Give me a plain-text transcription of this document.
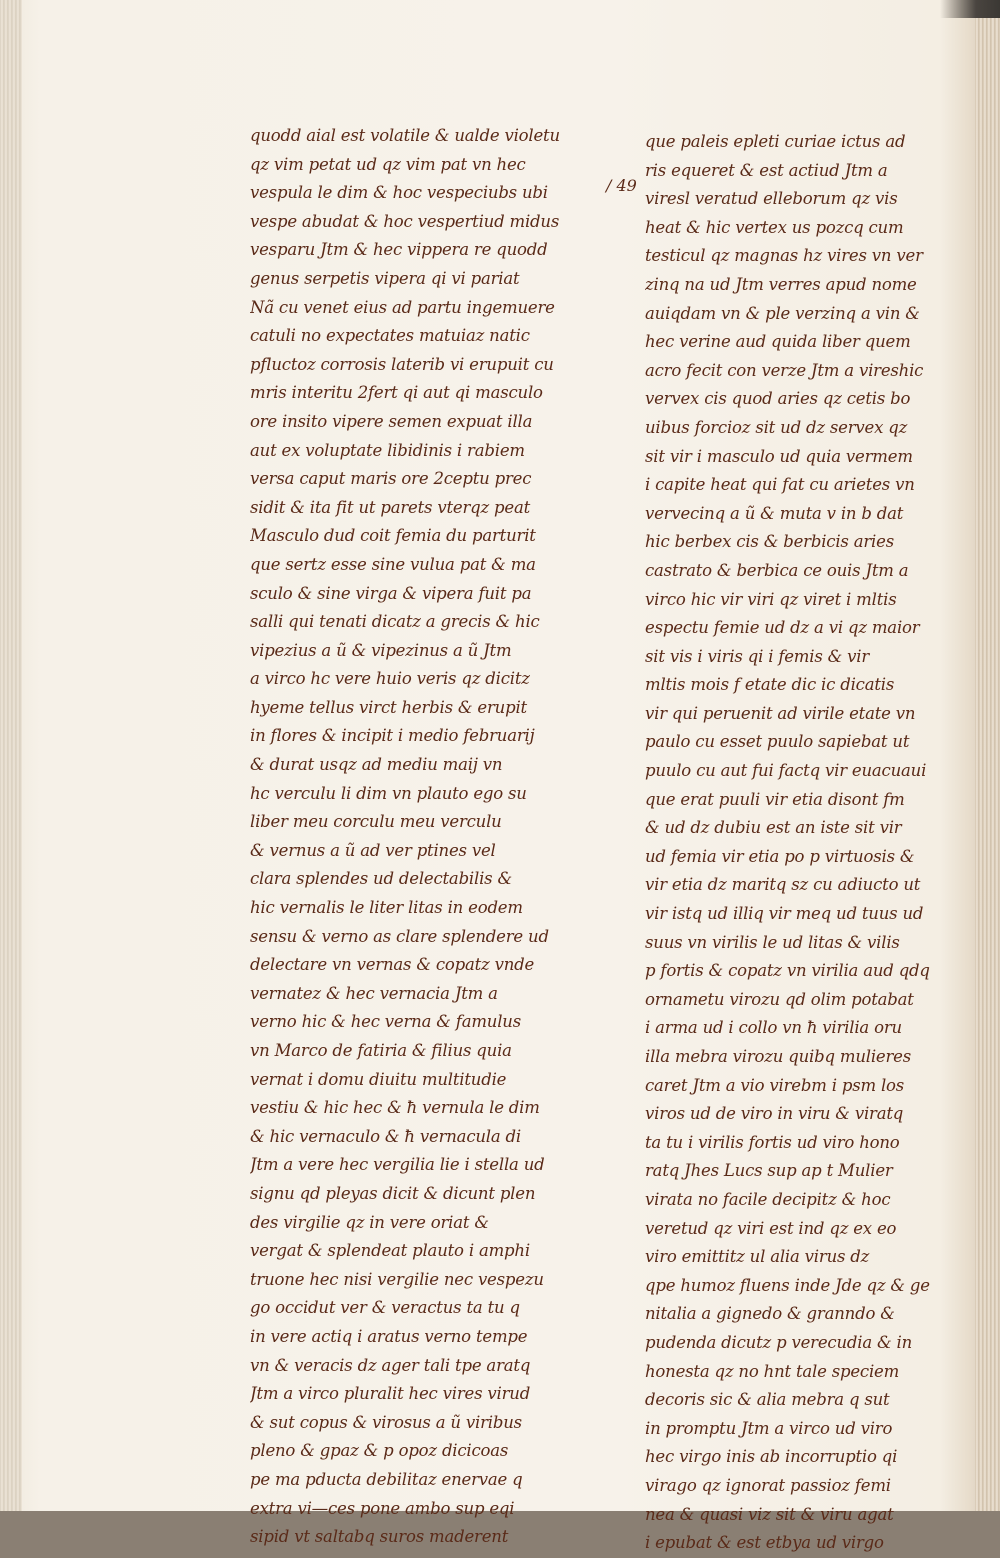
/ 49
quodd aial est volatile & ualde violetu
qz vim petat ud qz vim pat vn hec
vespula le dim & hoc vespeciubs ubi
vespe abudat & hoc vespertiud midus
vesparu Jtm & hec vippera re quodd
genus serpetis vipera qi vi pariat
Nã cu venet eius ad partu ingemuere
catuli no expectates matuiaz natic
pfluctoz corrosis laterib vi erupuit cu
mris interitu 2fert qi aut qi masculo
ore insito vipere semen expuat illa
aut ex voluptate libidinis i rabiem
versa caput maris ore 2ceptu prec
sidit & ita fit ut parets vterqz peat
Masculo dud coit femia du parturit
que sertz esse sine vulua pat & ma
sculo & sine virga & vipera fuit pa
salli qui tenati dicatz a grecis & hic
vipezius a ũ & vipezinus a ũ Jtm
a virco hc vere huio veris qz dicitz
hyeme tellus virct herbis & erupit
in flores & incipit i medio februarij
& durat usqz ad mediu maij vn
hc verculu li dim vn plauto ego su
liber meu corculu meu verculu
& vernus a ũ ad ver ptines vel
clara splendes ud delectabilis &
hic vernalis le liter litas in eodem
sensu & verno as clare splendere ud
delectare vn vernas & copatz vnde
vernatez & hec vernacia Jtm a
verno hic & hec verna & famulus
vn Marco de fatiria & filius quia
vernat i domu diuitu multitudie
vestiu & hic hec & ħ vernula le dim
& hic vernaculo & ħ vernacula di
Jtm a vere hec vergilia lie i stella ud
signu qd pleyas dicit & dicunt plen
des virgilie qz in vere oriat &
vergat & splendeat plauto i amphi
truone hec nisi vergilie nec vespezu
go occidut ver & veractus ta tu q
in vere actiq i aratus verno tempe
vn & veracis dz ager tali tpe aratq
Jtm a virco pluralit hec vires virud
& sut copus & virosus a ũ viribus
pleno & gpaz & p opoz dicicoas
pe ma pducta debilitaz enervae q
extra vi—ces pone ambo sup eqi
sipid vt saltabq suros maderent
que paleis epleti curiae ictus ad
ris equeret & est actiud Jtm a
viresl veratud elleborum qz vis
heat & hic vertex us pozcq cum
testicul qz magnas hz vires vn ver
zinq na ud Jtm verres apud nome
auiqdam vn & ple verzinq a vin &
hec verine aud quida liber quem
acro fecit con verze Jtm a vireshic
vervex cis quod aries qz cetis bo
uibus forcioz sit ud dz servex qz
sit vir i masculo ud quia vermem
i capite heat qui fat cu arietes vn
vervecinq a ũ & muta v in b dat
hic berbex cis & berbicis aries
castrato & berbica ce ouis Jtm a
virco hic vir viri qz viret i mltis
espectu femie ud dz a vi qz maior
sit vis i viris qi i femis & vir
mltis mois f etate dic ic dicatis
vir qui peruenit ad virile etate vn
paulo cu esset puulo sapiebat ut
puulo cu aut fui factq vir euacuaui
que erat puuli vir etia disont fm
& ud dz dubiu est an iste sit vir
ud femia vir etia po p virtuosis &
vir etia dz maritq sz cu adiucto ut
vir istq ud illiq vir meq ud tuus ud
suus vn virilis le ud litas & vilis
p fortis & copatz vn virilia aud qdq
ornametu virozu qd olim potabat
i arma ud i collo vn ħ virilia oru
illa mebra virozu quibq mulieres
caret Jtm a vio virebm i psm los
viros ud de viro in viru & viratq
ta tu i virilis fortis ud viro hono
ratq Jhes Lucs sup ap t Mulier
virata no facile decipitz & hoc
veretud qz viri est ind qz ex eo
viro emittitz ul alia virus dz
qpe humoz fluens inde Jde qz & ge
nitalia a gignedo & granndo &
pudenda dicutz p verecudia & in
honesta qz no hnt tale speciem
decoris sic & alia mebra q sut
in promptu Jtm a virco ud viro
hec virgo inis ab incorruptio qi
virago qz ignorat passioz femi
nea & quasi viz sit & viru agat
i epubat & est etbya ud virgo
